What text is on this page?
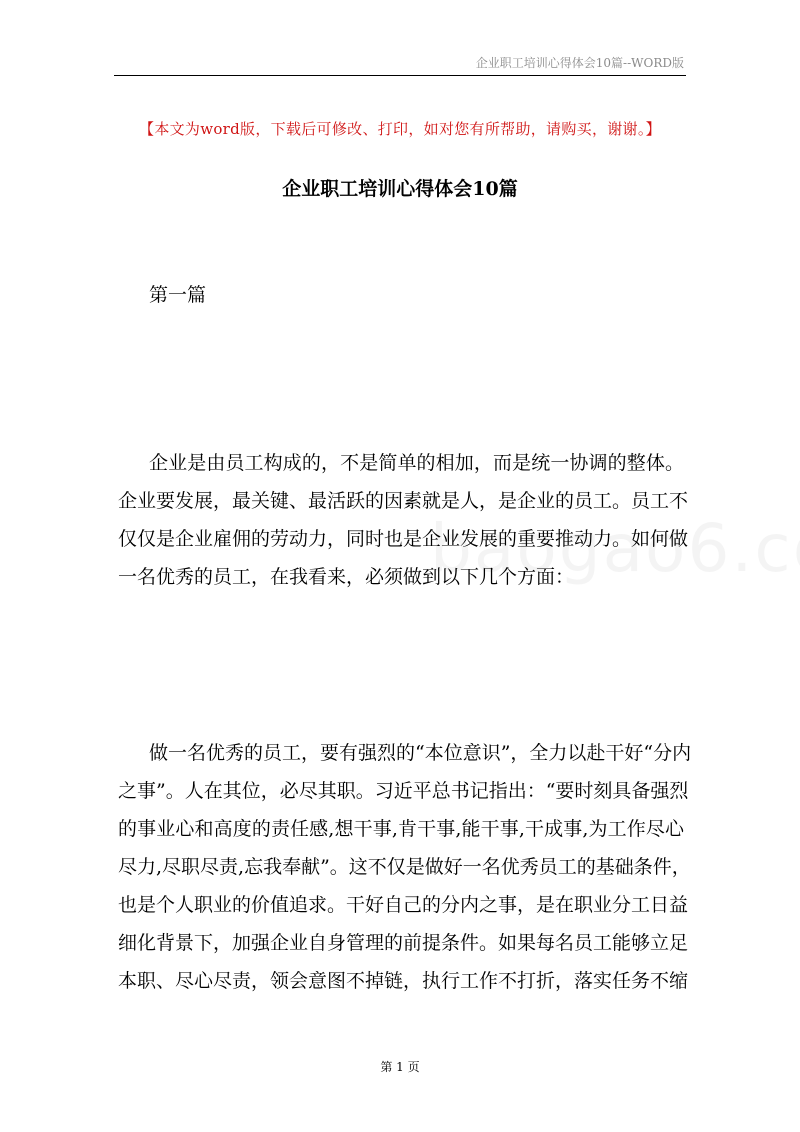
企业职工培训心得体会10篇--WORD版
【本文为word版，下载后可修改、打印，如对您有所帮助，请购买，谢谢。】
企业职工培训心得体会10篇
第一篇
企业是由员工构成的，不是简单的相加，而是统一协调的整体。
企业要发展，最关键、最活跃的因素就是人，是企业的员工。员工不
仅仅是企业雇佣的劳动力，同时也是企业发展的重要推动力。如何做
一名优秀的员工，在我看来，必须做到以下几个方面：
做一名优秀的员工，要有强烈的“本位意识”，全力以赴干好“分内
之事”。人在其位，必尽其职。习近平总书记指出：“要时刻具备强烈
的事业心和高度的责任感,想干事,肯干事,能干事,干成事,为工作尽心
尽力,尽职尽责,忘我奉献”。这不仅是做好一名优秀员工的基础条件，
也是个人职业的价值追求。干好自己的分内之事，是在职业分工日益
细化背景下，加强企业自身管理的前提条件。如果每名员工能够立足
本职、尽心尽责，领会意图不掉链，执行工作不打折，落实任务不缩
第 1 页
